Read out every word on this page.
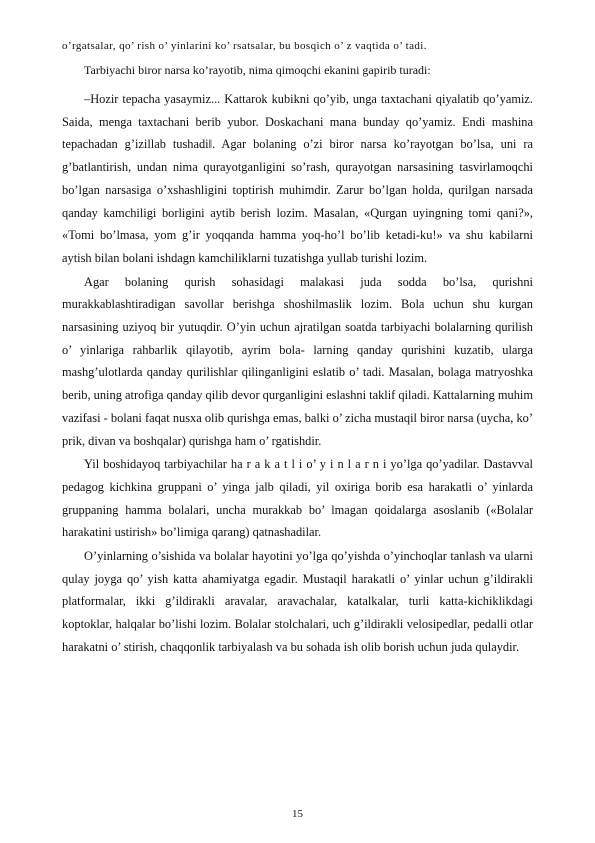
o’rgatsalar, qo’ rish o’ yinlarini ko’ rsatsalar, bu bosqich o’ z vaqtida o’ tadi.
Tarbiyachi biror narsa ko’rayotib, nima qimoqchi ekanini gapirib turadi:

–Hozir tepacha yasaymiz... Kattarok kubikni qo’yib, unga taxtachani qiyalatib qo’yamiz. Saida, menga taxtachani berib yubor. Doskachani mana bunday qo’yamiz. Endi mashina tepachadan g’izillab tushadi‖. Agar bolaning o’zi biror narsa ko’rayotgan bo’lsa, uni ra g’batlantirish, undan nima qurayotganligini so’rash, qurayotgan narsasining tasvirlamoqchi bo’lgan narsasiga o’xshashligini toptirish muhimdir. Zarur bo’lgan holda, qurilgan narsada qanday kamchiligi borligini aytib berish lozim. Masalan, «Qurgan uyingning tomi qani?», «Tomi bo’lmasa, yom g’ir yoqqanda hamma yoq-ho’l bo’lib ketadi-ku!» va shu kabilarni aytish bilan bolani ishdagn kamchiliklarni tuzatishga yullab turishi lozim.

Agar bolaning qurish sohasidagi malakasi juda sodda bo’lsa, qurishni murakkablashtiradigan savollar berishga shoshilmaslik lozim. Bola uchun shu kurgan narsasining uziyoq bir yutuqdir. O’yin uchun ajratilgan soatda tarbiyachi bolalarning qurilish o’ yinlariga rahbarlik qilayotib, ayrim bola- larning qanday qurishini kuzatib, ularga mashg’ulotlarda qanday qurilishlar qilinganligini eslatib o’ tadi. Masalan, bolaga matryoshka berib, uning atrofiga qanday qilib devor qurganligini eslashni taklif qiladi. Kattalarning muhim vazifasi - bolani faqat nusxa olib qurishga emas, balki o’ zicha mustaqil biror narsa (uycha, ko’ prik, divan va boshqalar) qurishga ham o’ rgatishdir.

Yil boshidayoq tarbiyachilar ha r a k a t l i o’ y i n l a r n i yo’lga qo’yadilar. Dastavval pedagog kichkina gruppani o’ yinga jalb qiladi, yil oxiriga borib esa harakatli o’ yinlarda gruppaning hamma bolalari, uncha murakkab bo’ lmagan qoidalarga asoslanib («Bolalar harakatini ustirish» bo’limiga qarang) qatnashadilar.

O’yinlarning o’sishida va bolalar hayotini yo’lga qo’yishda o’yinchoqlar tanlash va ularni qulay joyga qo’ yish katta ahamiyatga egadir. Mustaqil harakatli o’ yinlar uchun g’ildirakli platformalar, ikki g’ildirakli aravalar, aravachalar, katalkalar, turli katta-kichiklikdagi koptoklar, halqalar bo’lishi lozim. Bolalar stolchalari, uch g’ildirakli velosipedlar, pedalli otlar harakatni o’ stirish, chaqqonlik tarbiyalash va bu sohada ish olib borish uchun juda qulaydir.

15
